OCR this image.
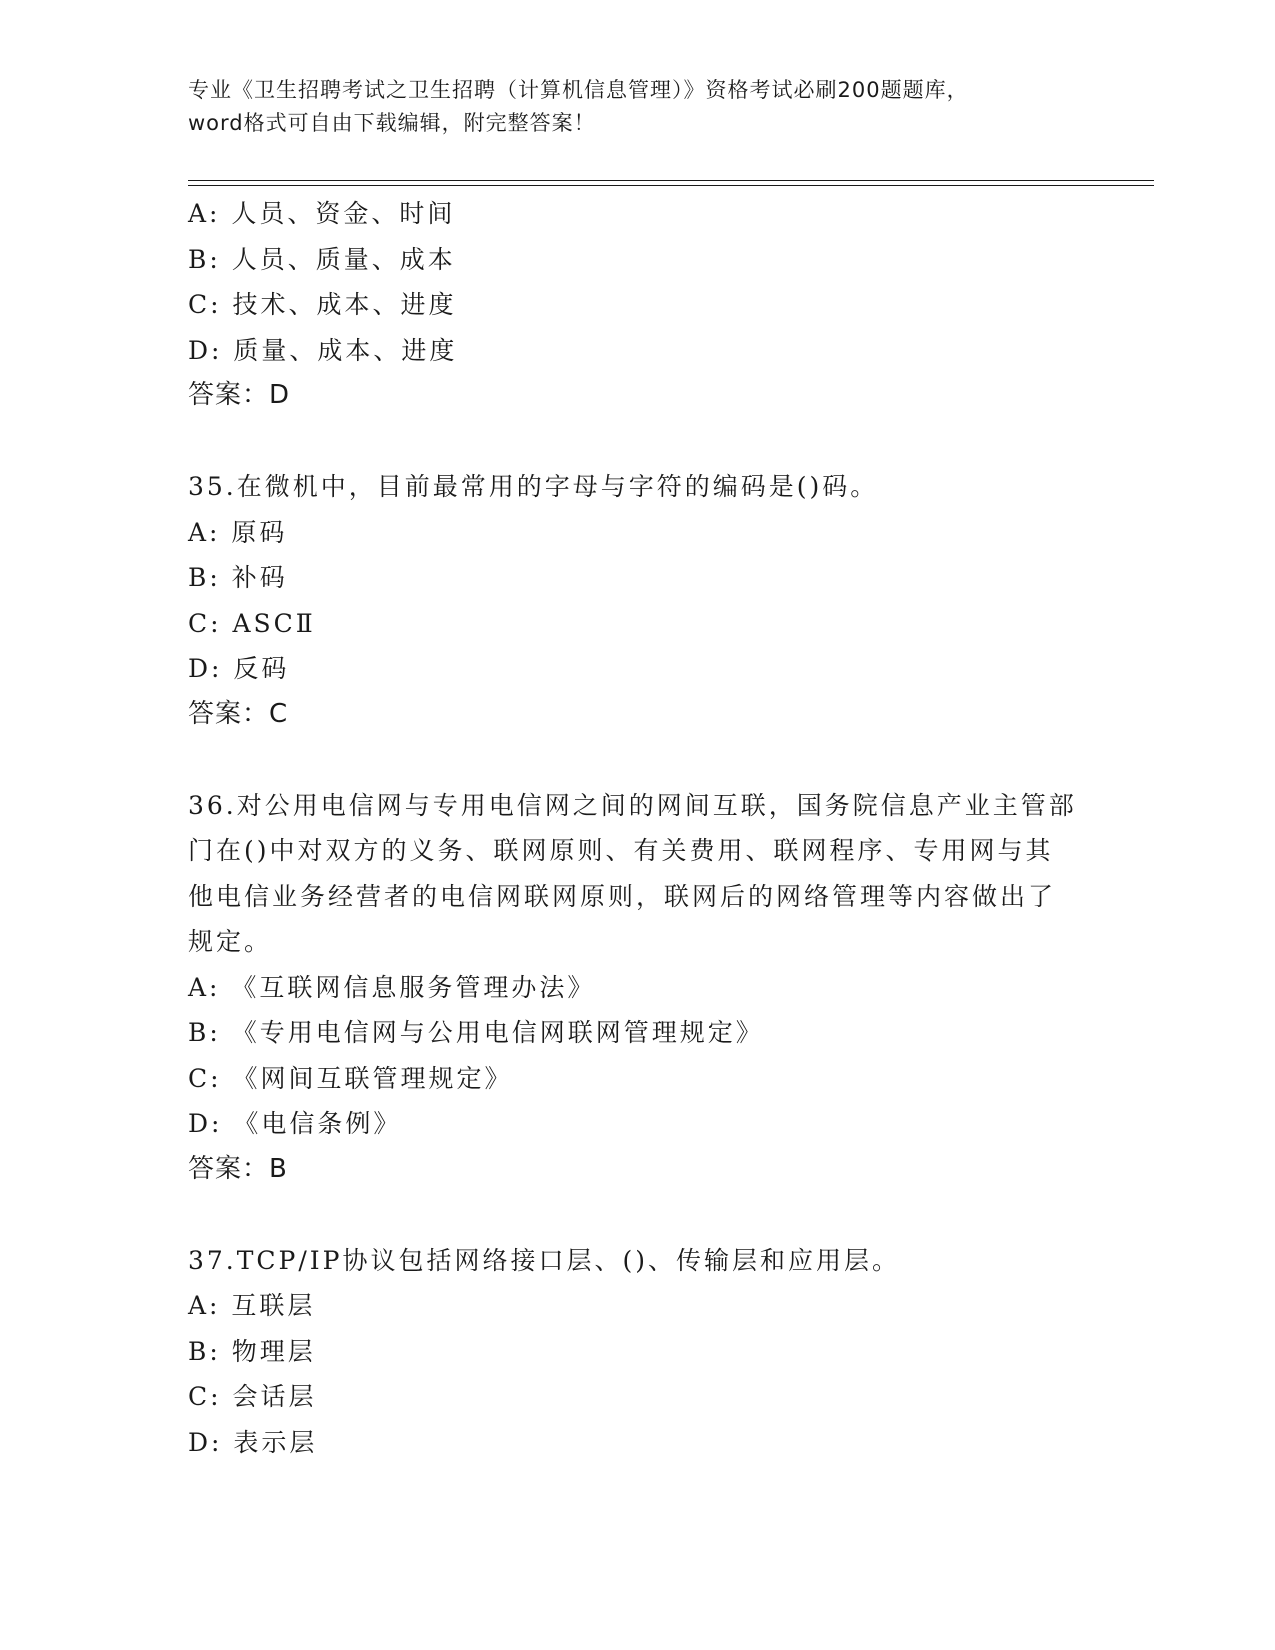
专业《卫生招聘考试之卫生招聘（计算机信息管理）》资格考试必刷200题题库，
word格式可自由下载编辑，附完整答案！
A: 人员、资金、时间
B: 人员、质量、成本
C: 技术、成本、进度
D: 质量、成本、进度
答案：D
35.在微机中，目前最常用的字母与字符的编码是()码。
A: 原码
B: 补码
C: ASCⅡ
D: 反码
答案：C
36.对公用电信网与专用电信网之间的网间互联，国务院信息产业主管部门在()中对双方的义务、联网原则、有关费用、联网程序、专用网与其他电信业务经营者的电信网联网原则，联网后的网络管理等内容做出了规定。
A: 《互联网信息服务管理办法》
B: 《专用电信网与公用电信网联网管理规定》
C: 《网间互联管理规定》
D: 《电信条例》
答案：B
37.TCP/IP协议包括网络接口层、()、传输层和应用层。
A: 互联层
B: 物理层
C: 会话层
D: 表示层
